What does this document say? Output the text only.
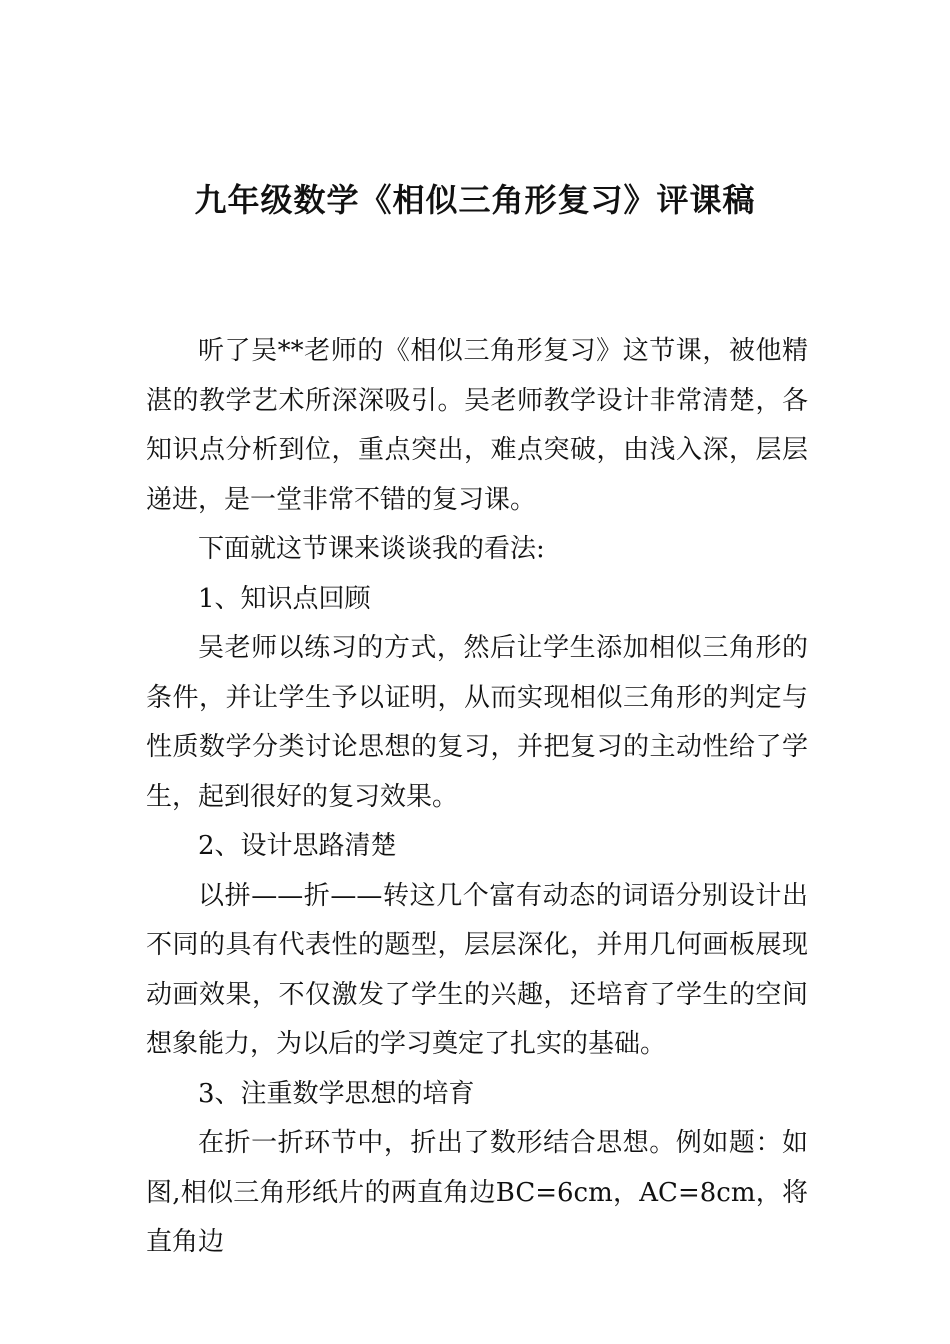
九年级数学《相似三角形复习》评课稿

听了吴**老师的《相似三角形复习》这节课，被他精湛的教学艺术所深深吸引。吴老师教学设计非常清楚，各知识点分析到位，重点突出，难点突破，由浅入深，层层递进，是一堂非常不错的复习课。

下面就这节课来谈谈我的看法:

1、知识点回顾

吴老师以练习的方式，然后让学生添加相似三角形的条件，并让学生予以证明，从而实现相似三角形的判定与性质数学分类讨论思想的复习，并把复习的主动性给了学生，起到很好的复习效果。

2、设计思路清楚

以拼——折——转这几个富有动态的词语分别设计出不同的具有代表性的题型，层层深化，并用几何画板展现动画效果，不仅激发了学生的兴趣，还培育了学生的空间想象能力，为以后的学习奠定了扎实的基础。

3、注重数学思想的培育

在折一折环节中，折出了数形结合思想。例如题：如图,相似三角形纸片的两直角边BC=6cm，AC=8cm，将直角边
